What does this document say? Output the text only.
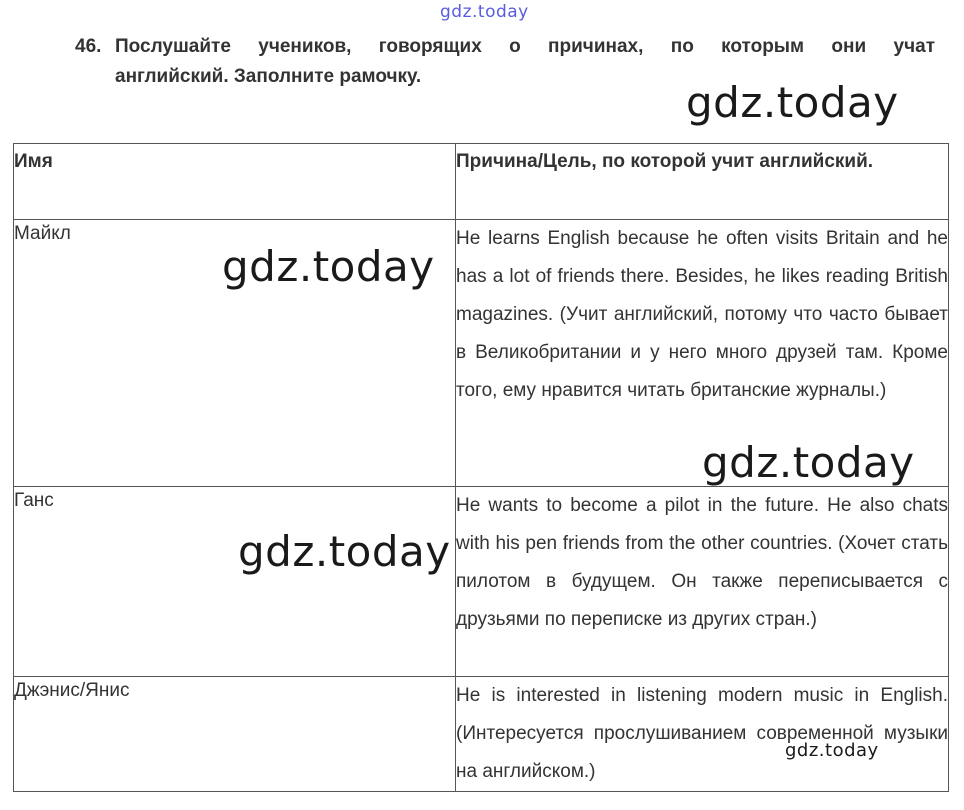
gdz.today
46. Послушайте учеников, говорящих о причинах, по которым они учат
английский. Заполните рамочку.
gdz.today
Имя	Причина/Цель, по которой учит английский.
Майкл	He learns English because he often visits Britain and he has a lot of friends there. Besides, he likes reading British magazines. (Учит английский, потому что часто бывает в Великобритании и у него много друзей там. Кроме того, ему нравится читать британские журналы.)
Ганс	He wants to become a pilot in the future. He also chats with his pen friends from the other countries. (Хочет стать пилотом в будущем. Он также переписывается с друзьями по переписке из других стран.)
Джэнис/Янис	He is interested in listening modern music in English. (Интересуется прослушиванием современной музыки на английском.)
gdz.today
gdz.today
gdz.today
gdz.today
